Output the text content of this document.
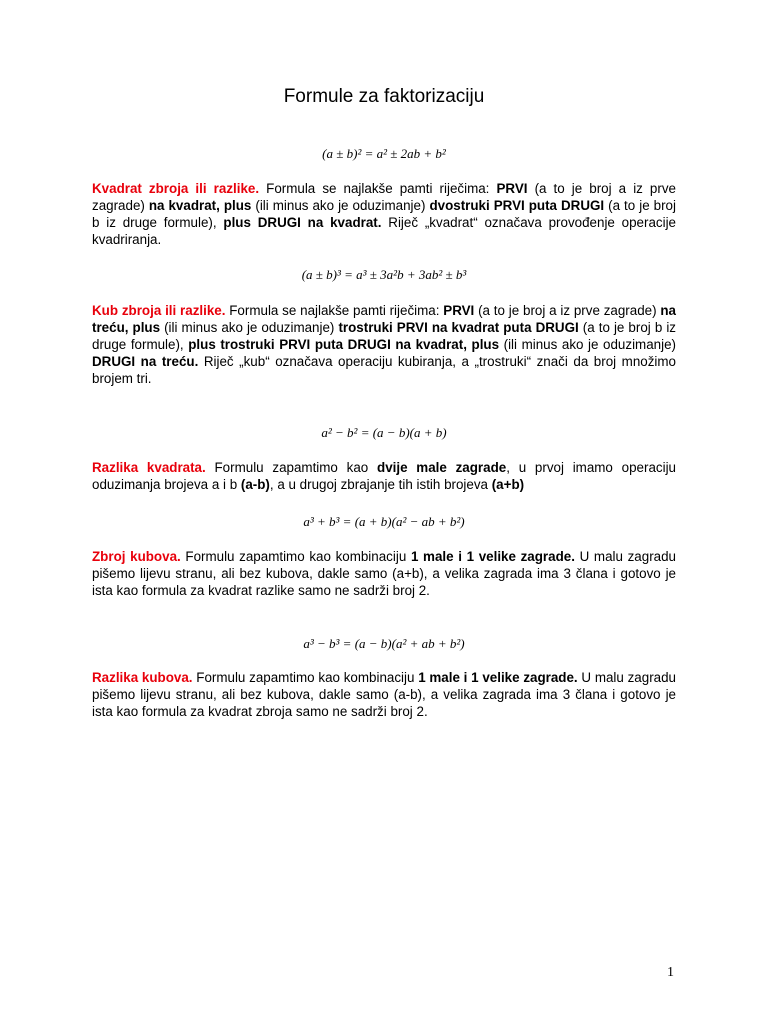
Formule za faktorizaciju
(a ± b)² = a² ± 2ab + b²
Kvadrat zbroja ili razlike. Formula se najlakše pamti riječima: PRVI (a to je broj a iz prve zagrade) na kvadrat, plus (ili minus ako je oduzimanje) dvostruki PRVI puta DRUGI (a to je broj b iz druge formule), plus DRUGI na kvadrat. Riječ „kvadrat“ označava provođenje operacije kvadriranja.
(a ± b)³ = a³ ± 3a²b + 3ab² ± b³
Kub zbroja ili razlike. Formula se najlakše pamti riječima: PRVI (a to je broj a iz prve zagrade) na treću, plus (ili minus ako je oduzimanje) trostruki PRVI na kvadrat puta DRUGI (a to je broj b iz druge formule), plus trostruki PRVI puta DRUGI na kvadrat, plus (ili minus ako je oduzimanje) DRUGI na treću. Riječ „kub“ označava operaciju kubiranja, a „trostruki“ znači da broj množimo brojem tri.
a² − b² = (a − b)(a + b)
Razlika kvadrata. Formulu zapamtimo kao dvije male zagrade, u prvoj imamo operaciju oduzimanja brojeva a i b (a-b), a u drugoj zbrajanje tih istih brojeva (a+b)
a³ + b³ = (a + b)(a² − ab + b²)
Zbroj kubova. Formulu zapamtimo kao kombinaciju 1 male i 1 velike zagrade. U malu zagradu pišemo lijevu stranu, ali bez kubova, dakle samo (a+b), a velika zagrada ima 3 člana i gotovo je ista kao formula za kvadrat razlike samo ne sadrži broj 2.
a³ − b³ = (a − b)(a² + ab + b²)
Razlika kubova. Formulu zapamtimo kao kombinaciju 1 male i 1 velike zagrade. U malu zagradu pišemo lijevu stranu, ali bez kubova, dakle samo (a-b), a velika zagrada ima 3 člana i gotovo je ista kao formula za kvadrat zbroja samo ne sadrži broj 2.
1
